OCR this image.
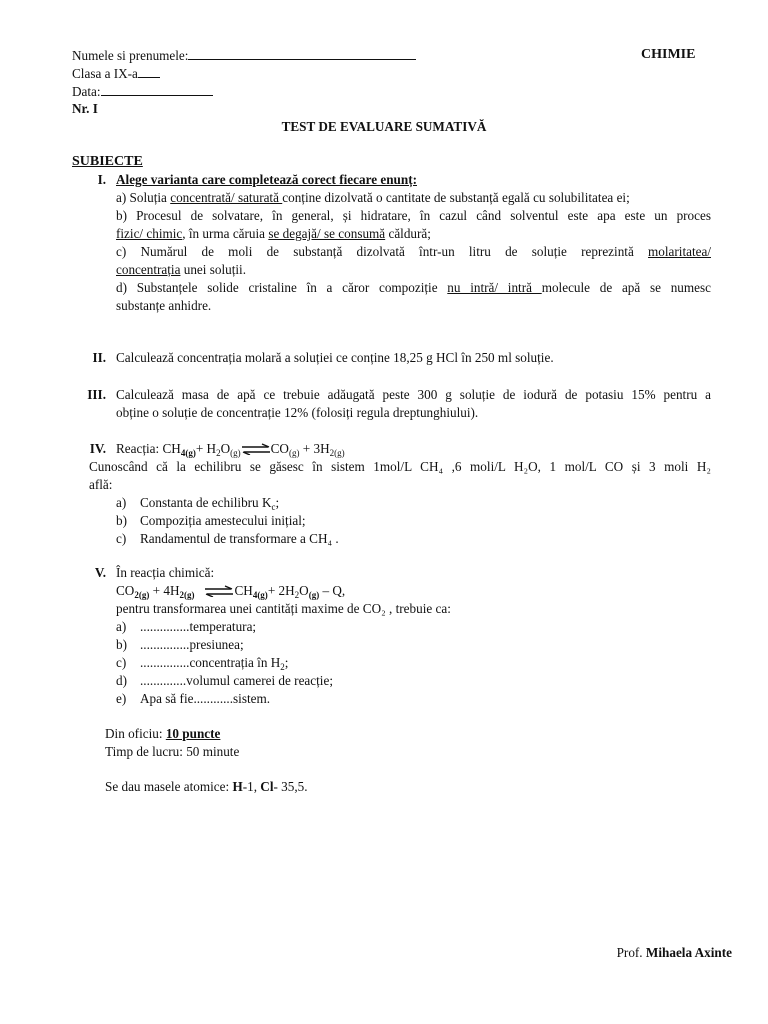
Numele si prenumele:	CHIMIE
Clasa a IX-a
Data:
Nr. I
TEST DE EVALUARE SUMATIVĂ
SUBIECTE
I. Alege varianta care completează corect fiecare enunț:
a) Soluția concentrată/ saturată conține dizolvată o cantitate de substanță egală cu solubilitatea ei;
b) Procesul de solvatare, în general, și hidratare, în cazul când solventul este apa este un proces
fizic/ chimic, în urma căruia se degajă/ se consumă căldură;
c) Numărul de moli de substanță dizolvată într-un litru de soluție reprezintă molaritatea/
concentrația unei soluții.
d) Substanțele solide cristaline în a căror compoziție nu intră/ intră molecule de apă se numesc
substanțe anhidre.
II. Calculează concentrația molară a soluției ce conține 18,25 g HCl în 250 ml soluție.
III. Calculează masa de apă ce trebuie adăugată peste 300 g soluție de iodură de potasiu 15% pentru a
obține o soluție de concentrație 12% (folosiți regula dreptunghiului).
IV. Reacția: $CH_{4(g)}+$ $H_2O_{(g)}\rightleftharpoons CO_{(g)} + 3H_{2(g)}$
Cunoscând că la echilibru se găsesc în sistem 1mol/L CH₄ ,6 moli/L H₂O, 1 mol/L CO și 3 moli H₂
află:
a) Constanta de echilibru $K_c$;
b) Compoziția amestecului inițial;
c) Randamentul de transformare a CH₄ .
V. În reacția chimică:
$CO_{2(g)} + 4H_{2(g)}$ $\rightleftharpoons CH_{4(g)}+ 2H_2O_{(g)} - Q$,
pentru transformarea unei cantități maxime de CO₂ , trebuie ca:
a) ...............temperatura;
b) ...............presiunea;
c) ...............concentrația în $H_2$;
d) ..............volumul camerei de reacție;
e) Apa să fie............sistem.
Din oficiu: 10 puncte
Timp de lucru: 50 minute
Se dau masele atomice: H-1, Cl- 35,5.
Prof. Mihaela Axinte
